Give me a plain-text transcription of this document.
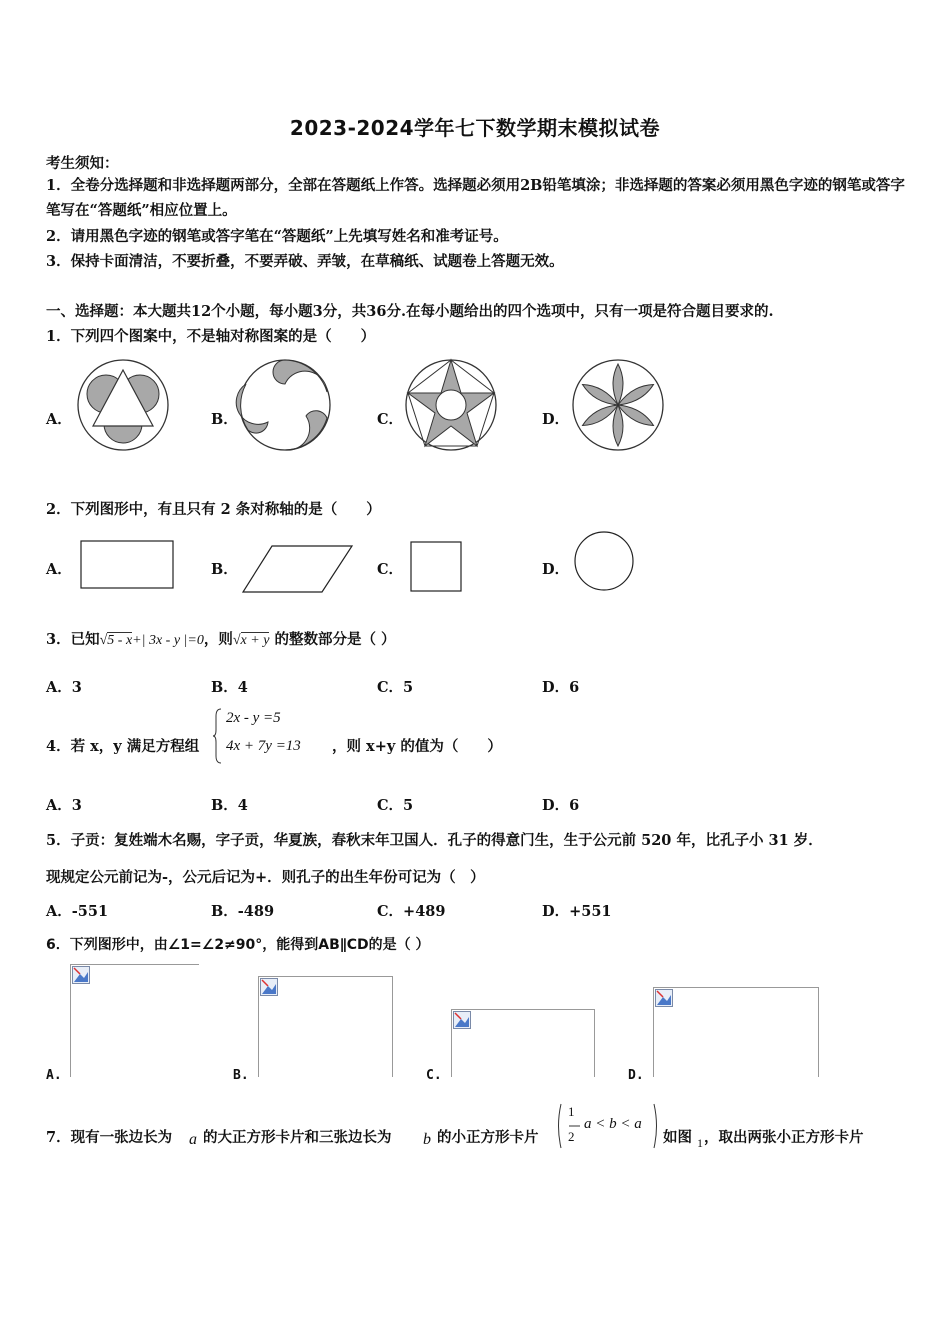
2023-2024学年七下数学期末模拟试卷
考生须知：
1．全卷分选择题和非选择题两部分，全部在答题纸上作答。选择题必须用2B铅笔填涂；非选择题的答案必须用黑色字迹的钢笔或答字笔写在“答题纸”相应位置上。
2．请用黑色字迹的钢笔或答字笔在“答题纸”上先填写姓名和准考证号。
3．保持卡面清洁，不要折叠，不要弄破、弄皱，在草稿纸、试题卷上答题无效。
一、选择题：本大题共12个小题，每小题3分，共36分.在每小题给出的四个选项中，只有一项是符合题目要求的.
1．下列四个图案中，不是轴对称图案的是（　　）
A．	B．	C．	D．
2．下列图形中，有且只有 2 条对称轴的是（　　）
A．	B．	C．	D．
3．已知√5 - x+| 3x - y |=0，则√x + y 的整数部分是（ ）
A．3	B．4	C．5	D．6
4．若 x，y 满足方程组
2x - y =5
4x + 7y =13 ，则 x+y 的值为（　　）
A．3	B．4	C．5	D．6
5．子贡：复姓端木名赐，字子贡，华夏族，春秋末年卫国人．孔子的得意门生，生于公元前 520 年，比孔子小 31 岁．
现规定公元前记为-，公元后记为+．则孔子的出生年份可记为（　）
A．-551	B．-489	C．+489	D．+551
6．下列图形中，由∠1=∠2≠90°，能得到AB∥CD的是（ ）
A.	B.	C.	D.
7．现有一张边长为 a 的大正方形卡片和三张边长为 b 的小正方形卡片
1
2
a < b < a
如图 1 ，取出两张小正方形卡片
